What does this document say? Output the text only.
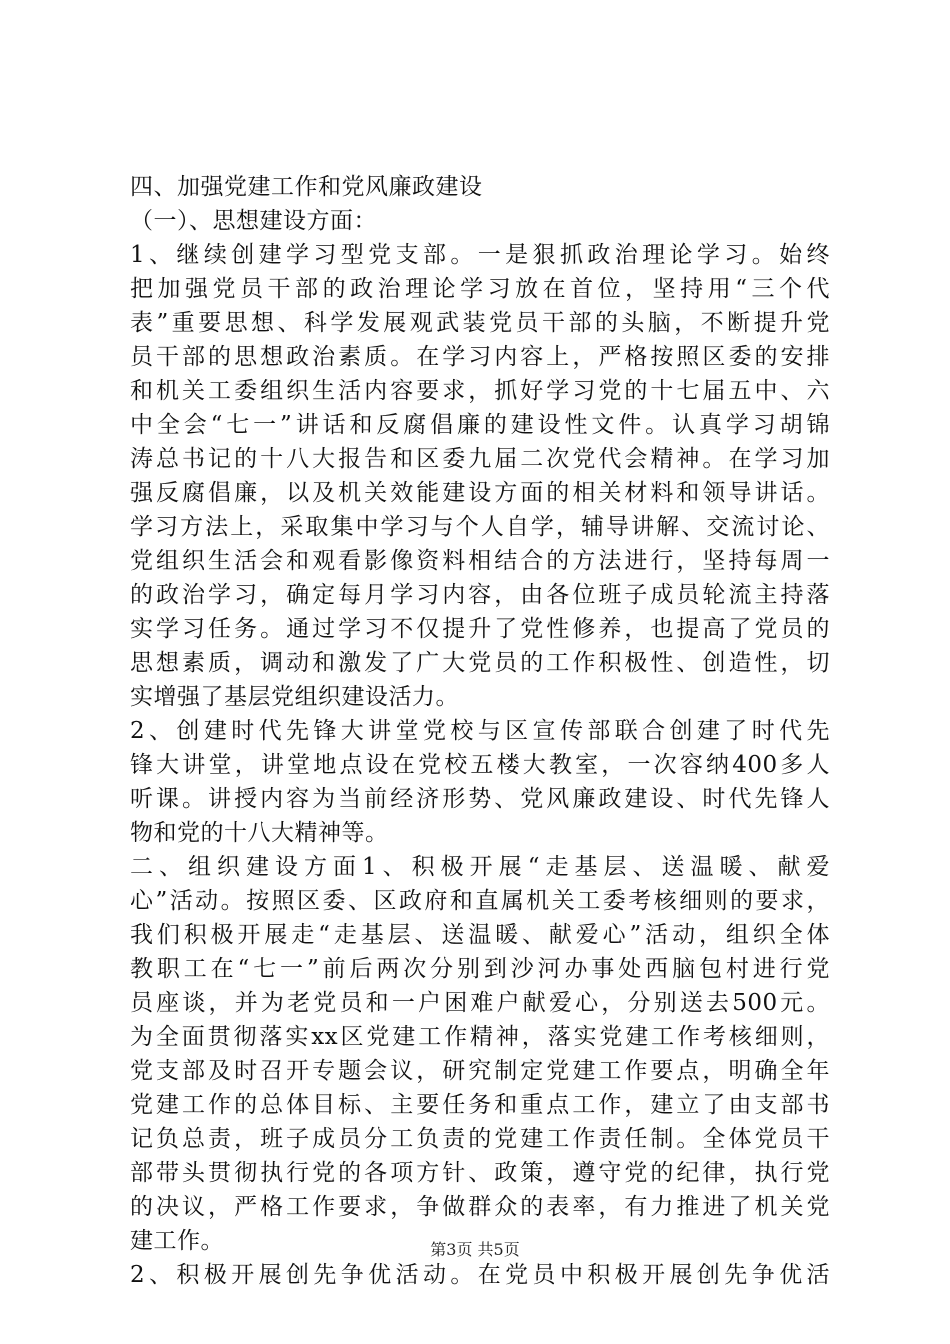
四、加强党建工作和党风廉政建设
（一）、思想建设方面：
1、继续创建学习型党支部。一是狠抓政治理论学习。始终
把加强党员干部的政治理论学习放在首位，坚持用“三个代
表”重要思想、科学发展观武装党员干部的头脑，不断提升党
员干部的思想政治素质。在学习内容上，严格按照区委的安排
和机关工委组织生活内容要求，抓好学习党的十七届五中、六
中全会“七一”讲话和反腐倡廉的建设性文件。认真学习胡锦
涛总书记的十八大报告和区委九届二次党代会精神。在学习加
强反腐倡廉，以及机关效能建设方面的相关材料和领导讲话。
学习方法上，采取集中学习与个人自学，辅导讲解、交流讨论、
党组织生活会和观看影像资料相结合的方法进行，坚持每周一
的政治学习，确定每月学习内容，由各位班子成员轮流主持落
实学习任务。通过学习不仅提升了党性修养，也提高了党员的
思想素质，调动和激发了广大党员的工作积极性、创造性，切
实增强了基层党组织建设活力。
2、创建时代先锋大讲堂党校与区宣传部联合创建了时代先
锋大讲堂，讲堂地点设在党校五楼大教室，一次容纳400多人
听课。讲授内容为当前经济形势、党风廉政建设、时代先锋人
物和党的十八大精神等。
二、组织建设方面1、积极开展“走基层、送温暖、献爱
心”活动。按照区委、区政府和直属机关工委考核细则的要求，
我们积极开展走“走基层、送温暖、献爱心”活动，组织全体
教职工在“七一”前后两次分别到沙河办事处西脑包村进行党
员座谈，并为老党员和一户困难户献爱心，分别送去500元。
为全面贯彻落实xx区党建工作精神，落实党建工作考核细则，
党支部及时召开专题会议，研究制定党建工作要点，明确全年
党建工作的总体目标、主要任务和重点工作，建立了由支部书
记负总责，班子成员分工负责的党建工作责任制。全体党员干
部带头贯彻执行党的各项方针、政策，遵守党的纪律，执行党
的决议，严格工作要求，争做群众的表率，有力推进了机关党
建工作。
2、积极开展创先争优活动。在党员中积极开展创先争优活
第3页 共5页
